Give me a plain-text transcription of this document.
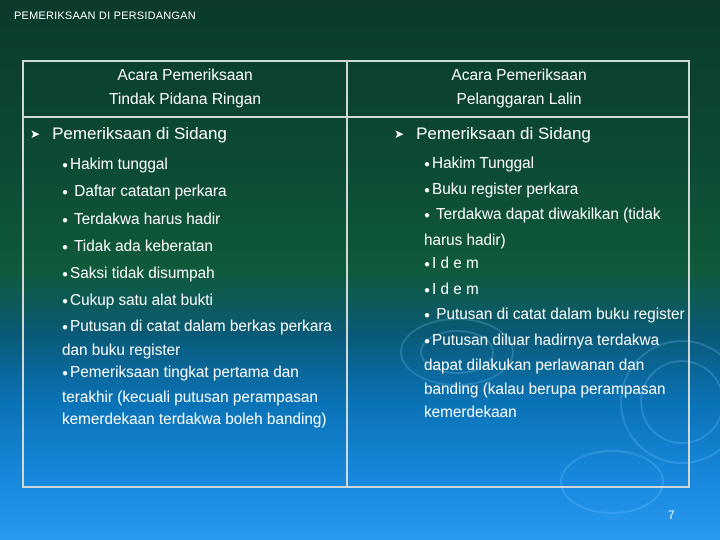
PEMERIKSAAN DI PERSIDANGAN
Acara Pemeriksaan
Tindak Pidana Ringan
Acara Pemeriksaan
Pelanggaran Lalin
➤ Pemeriksaan di Sidang	➤ Pemeriksaan di Sidang
● Hakim tunggal
● Daftar catatan perkara
● Terdakwa harus hadir
● Tidak ada keberatan
● Saksi tidak disumpah
● Cukup satu alat bukti
● Putusan di catat dalam berkas perkara dan buku register
● Pemeriksaan tingkat pertama dan terakhir (kecuali putusan perampasan kemerdekaan terdakwa boleh banding)
● Hakim Tunggal
● Buku register perkara
● Terdakwa dapat diwakilkan (tidak harus hadir)
● I d e m
● I d e m
● Putusan di catat dalam buku register
● Putusan diluar hadirnya terdakwa dapat dilakukan perlawanan dan banding (kalau berupa perampasan kemerdekaan
7
